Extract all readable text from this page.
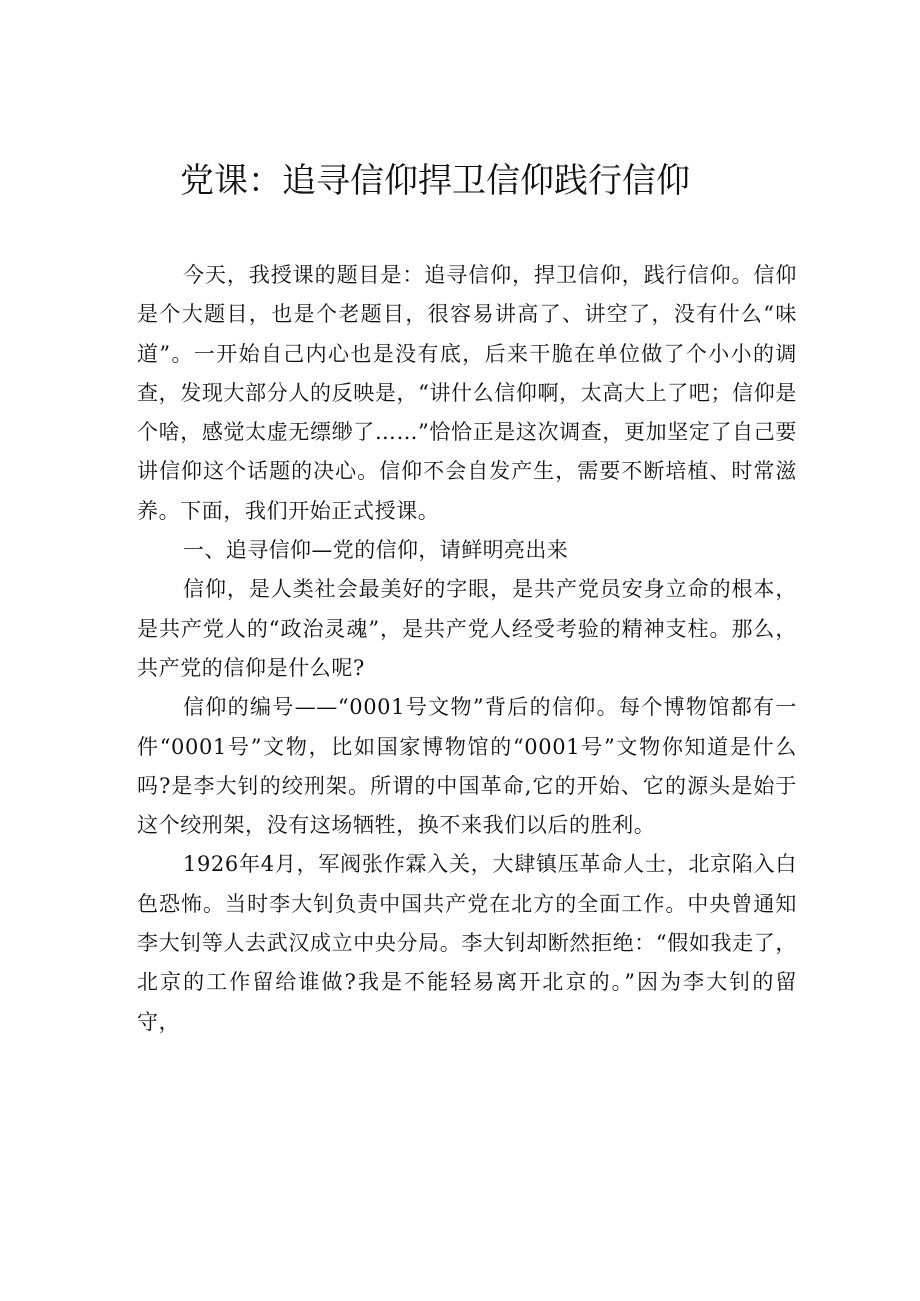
党课：追寻信仰捍卫信仰践行信仰

今天，我授课的题目是：追寻信仰，捍卫信仰，践行信仰。信仰是个大题目，也是个老题目，很容易讲高了、讲空了，没有什么“味道”。一开始自己内心也是没有底，后来干脆在单位做了个小小的调查，发现大部分人的反映是，“讲什么信仰啊，太高大上了吧；信仰是个啥，感觉太虚无缥缈了……”恰恰正是这次调查，更加坚定了自己要讲信仰这个话题的决心。信仰不会自发产生，需要不断培植、时常滋养。下面，我们开始正式授课。

一、追寻信仰—党的信仰，请鲜明亮出来

信仰，是人类社会最美好的字眼，是共产党员安身立命的根本，是共产党人的“政治灵魂”，是共产党人经受考验的精神支柱。那么，共产党的信仰是什么呢?

信仰的编号——“0001号文物”背后的信仰。每个博物馆都有一件“0001号”文物，比如国家博物馆的“0001号”文物你知道是什么吗?是李大钊的绞刑架。所谓的中国革命,它的开始、它的源头是始于这个绞刑架，没有这场牺牲，换不来我们以后的胜利。

1926年4月，军阀张作霖入关，大肆镇压革命人士，北京陷入白色恐怖。当时李大钊负责中国共产党在北方的全面工作。中央曾通知李大钊等人去武汉成立中央分局。李大钊却断然拒绝：“假如我走了，北京的工作留给谁做?我是不能轻易离开北京的。”因为李大钊的留守，
